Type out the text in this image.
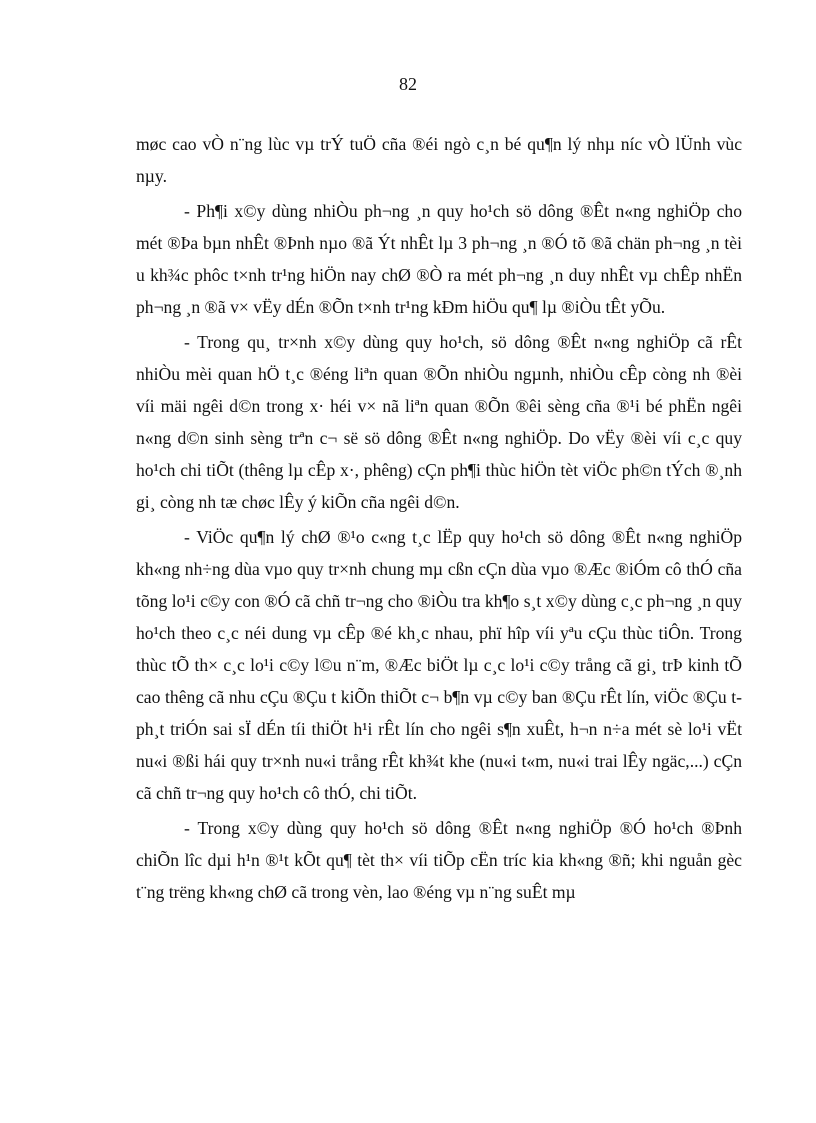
82

møc cao vÒ n¨ng lùc vµ trÝ tuÖ cña ®éi ngò c¸n bé qu¶n lý nhµ níc vÒ lÜnh vùc nµy.

- Ph¶i x©y dùng nhiÒu ph¬ng ¸n quy ho¹ch sö dông ®Êt n«ng nghiÖp cho mét ®Þa bµn nhÊt ®Þnh nµo ®ã Ýt nhÊt lµ 3 ph¬ng ¸n ®Ó tõ ®ã chän ph¬ng ¸n tèi u kh¾c phôc t×nh tr¹ng hiÖn nay chØ ®Ò ra mét ph¬ng ¸n duy nhÊt vµ chÊp nhËn ph¬ng ¸n ®ã v× vËy dÉn ®Õn t×nh tr¹ng kÐm hiÖu qu¶ lµ ®iÒu tÊt yÕu.

- Trong qu¸ tr×nh x©y dùng quy ho¹ch, sö dông ®Êt n«ng nghiÖp cã rÊt nhiÒu mèi quan hÖ t¸c ®éng liªn quan ®Õn nhiÒu ngµnh, nhiÒu cÊp còng nh ®èi víi mäi ngêi d©n trong x· héi v× nã liªn quan ®Õn ®êi sèng cña ®¹i bé phËn ngêi n«ng d©n sinh sèng trªn c¬ së sö dông ®Êt n«ng nghiÖp. Do vËy ®èi víi c¸c quy ho¹ch chi tiÕt (thêng lµ cÊp x·, phêng) cÇn ph¶i thùc hiÖn tèt viÖc ph©n tÝch ®¸nh gi¸ còng nh tæ chøc lÊy ý kiÕn cña ngêi d©n.

- ViÖc qu¶n lý chØ ®¹o c«ng t¸c lËp quy ho¹ch sö dông ®Êt n«ng nghiÖp kh«ng nh÷ng dùa vµo quy tr×nh chung mµ cßn cÇn dùa vµo ®Æc ®iÓm cô thÓ cña tõng lo¹i c©y con ®Ó cã chñ tr¬ng cho ®iÒu tra kh¶o s¸t x©y dùng c¸c ph¬ng ¸n quy ho¹ch theo c¸c néi dung vµ cÊp ®é kh¸c nhau, phï hîp víi yªu cÇu thùc tiÔn. Trong thùc tÕ th× c¸c lo¹i c©y l©u n¨m, ®Æc biÖt lµ c¸c lo¹i c©y trång cã gi¸ trÞ kinh tÕ cao thêng cã nhu cÇu ®Çu t kiÕn thiÕt c¬ b¶n vµ c©y ban ®Çu rÊt lín, viÖc ®Çu t ph¸t triÓn sai sÏ dÉn tíi thiÖt h¹i rÊt lín cho ngêi s¶n xuÊt, h¬n n÷a mét sè lo¹i vËt nu«i ®ßi hái quy tr×nh nu«i trång rÊt kh¾t khe (nu«i t«m, nu«i trai lÊy ngäc,...) cÇn cã chñ tr¬ng quy ho¹ch cô thÓ, chi tiÕt.

- Trong x©y dùng quy ho¹ch sö dông ®Êt n«ng nghiÖp ®Ó ho¹ch ®Þnh chiÕn lîc dµi h¹n ®¹t kÕt qu¶ tèt th× víi tiÕp cËn tríc kia kh«ng ®ñ; khi nguån gèc t¨ng trëng kh«ng chØ cã trong vèn, lao ®éng vµ n¨ng suÊt mµ
